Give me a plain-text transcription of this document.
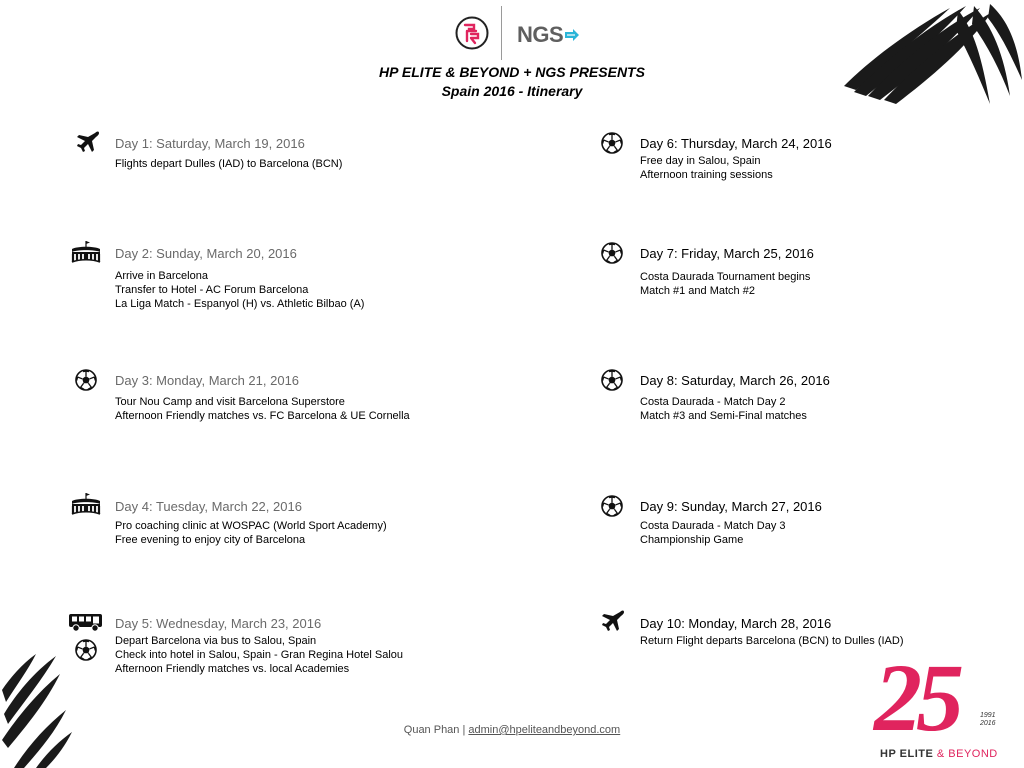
NGS
HP ELITE & BEYOND + NGS PRESENTS
Spain 2016 - Itinerary
Day 1: Saturday, March 19, 2016
Flights depart Dulles (IAD) to Barcelona (BCN)
Day 2: Sunday, March 20, 2016
Arrive in Barcelona
Transfer to Hotel - AC Forum Barcelona
La Liga Match - Espanyol (H) vs. Athletic Bilbao (A)
Day 3: Monday, March 21, 2016
Tour Nou Camp and visit Barcelona Superstore
Afternoon Friendly matches vs. FC Barcelona & UE Cornella
Day 4: Tuesday, March 22, 2016
Pro coaching clinic at WOSPAC (World Sport Academy)
Free evening to enjoy city of Barcelona
Day 5: Wednesday, March 23, 2016
Depart Barcelona via bus to Salou, Spain
Check into hotel in Salou, Spain - Gran Regina Hotel Salou
Afternoon Friendly matches vs. local Academies
Day 6: Thursday, March 24, 2016
Free day in Salou, Spain
Afternoon training sessions
Day 7: Friday, March 25, 2016
Costa Daurada Tournament begins
Match #1 and Match #2
Day 8: Saturday, March 26, 2016
Costa Daurada - Match Day 2
Match #3 and Semi-Final matches
Day 9: Sunday, March 27, 2016
Costa Daurada - Match Day 3
Championship Game
Day 10: Monday, March 28, 2016
Return Flight departs Barcelona (BCN) to Dulles (IAD)
Quan Phan | admin@hpeliteandbeyond.com	25	1991
2016
HP ELITE & BEYOND
